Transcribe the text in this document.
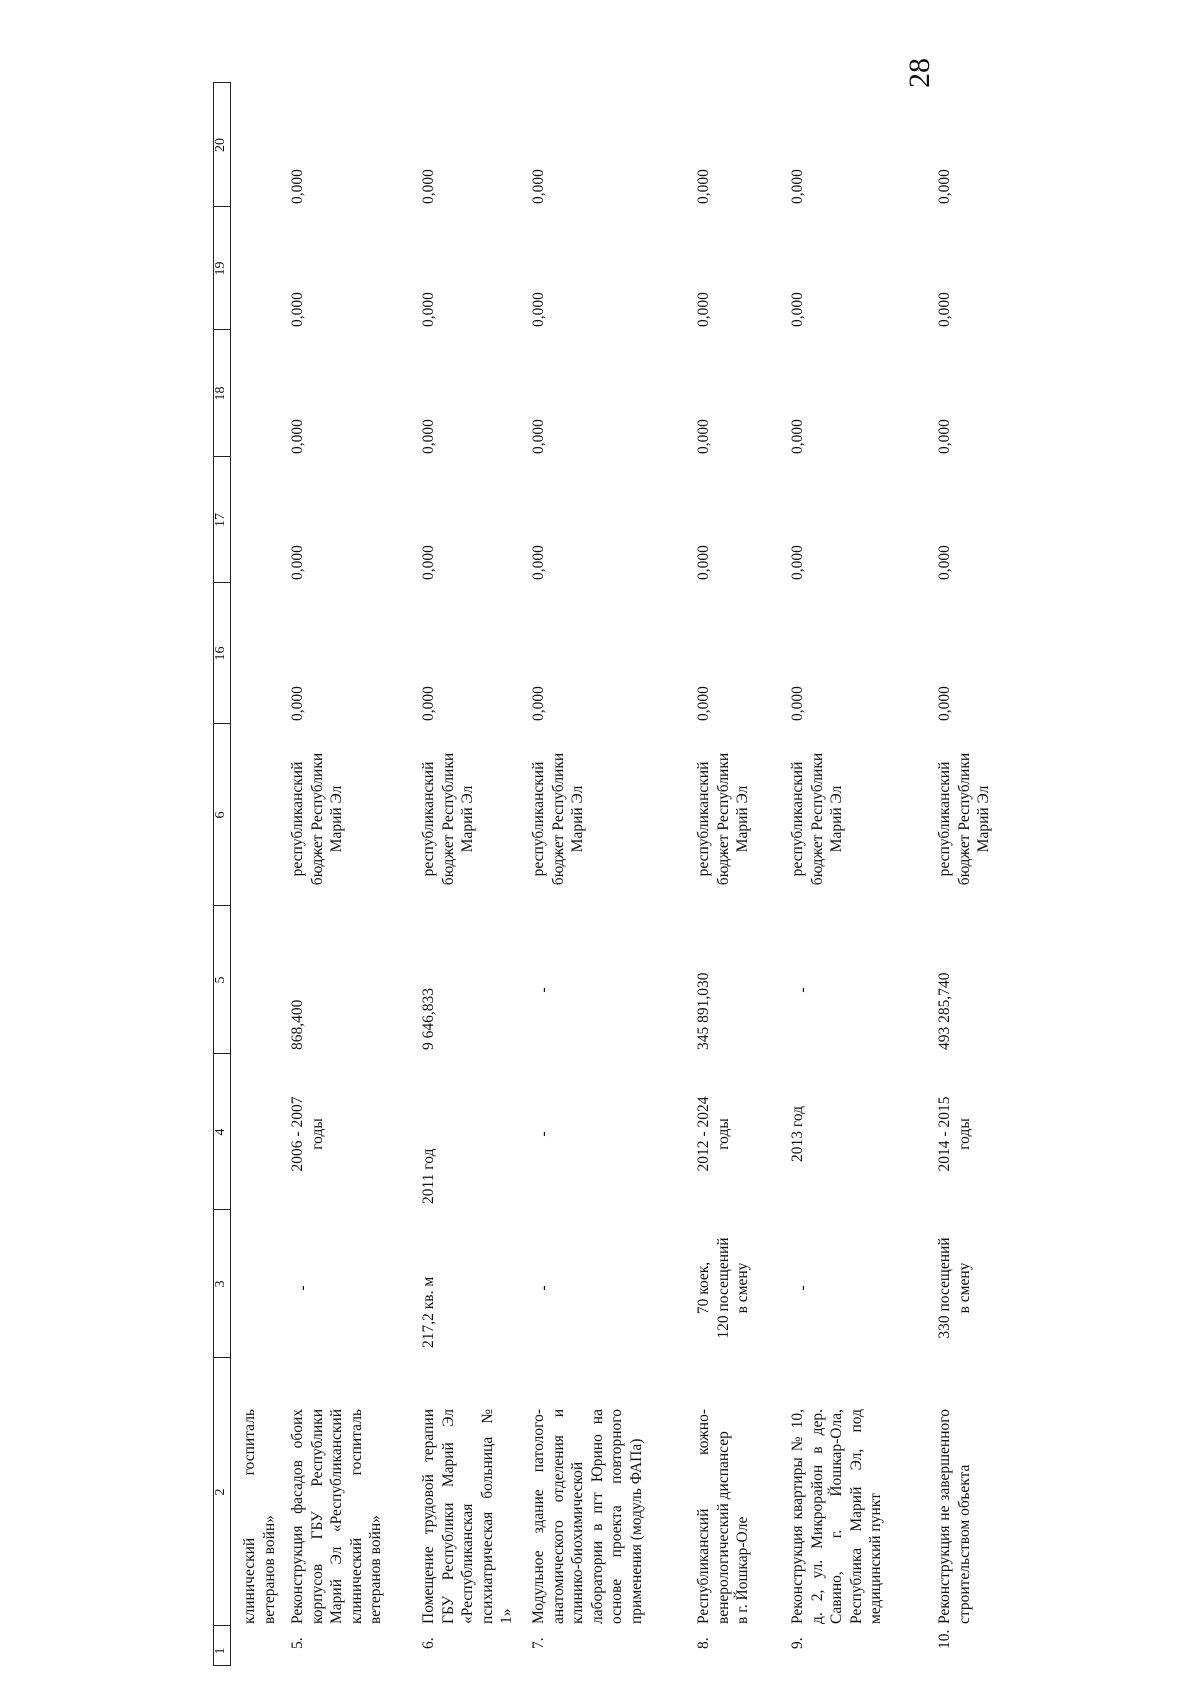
28
1
2
3
4
5
6
16
17
18
19
20
клинический госпиталь ветеранов войн»
5.
Реконструкция фасадов обоих корпусов ГБУ Республики Марий Эл «Республиканский клинический госпиталь ветеранов войн»
-
2006 - 2007
годы
868,400
республиканский
бюджет Республики
Марий Эл
0,000
0,000
0,000
0,000
0,000
6.
Помещение трудовой терапии ГБУ Республики Марий Эл «Республиканская психиатрическая больница № 1»
217,2 кв. м
2011 год
9 646,833
республиканский
бюджет Республики
Марий Эл
0,000
0,000
0,000
0,000
0,000
7.
Модульное здание патолого-анатомического отделения и клинико-биохимической лаборатории в пгт Юрино на основе проекта повторного применения (модуль ФАПа)
-
-
-
республиканский
бюджет Республики
Марий Эл
0,000
0,000
0,000
0,000
0,000
8.
Республиканский кожно-венерологический диспансер
в г. Йошкар-Оле
70 коек,
120 посещений
в смену
2012 - 2024
годы
345 891,030
республиканский
бюджет Республики
Марий Эл
0,000
0,000
0,000
0,000
0,000
9.
Реконструкция квартиры № 10, д. 2, ул. Микрорайон в дер. Савино, г. Йошкар-Ола, Республика Марий Эл, под медицинский пункт
-
2013 год
-
республиканский
бюджет Республики
Марий Эл
0,000
0,000
0,000
0,000
0,000
10.
Реконструкция не завершенного строительством объекта
330 посещений
в смену
2014 - 2015
годы
493 285,740
республиканский
бюджет Республики
Марий Эл
0,000
0,000
0,000
0,000
0,000
